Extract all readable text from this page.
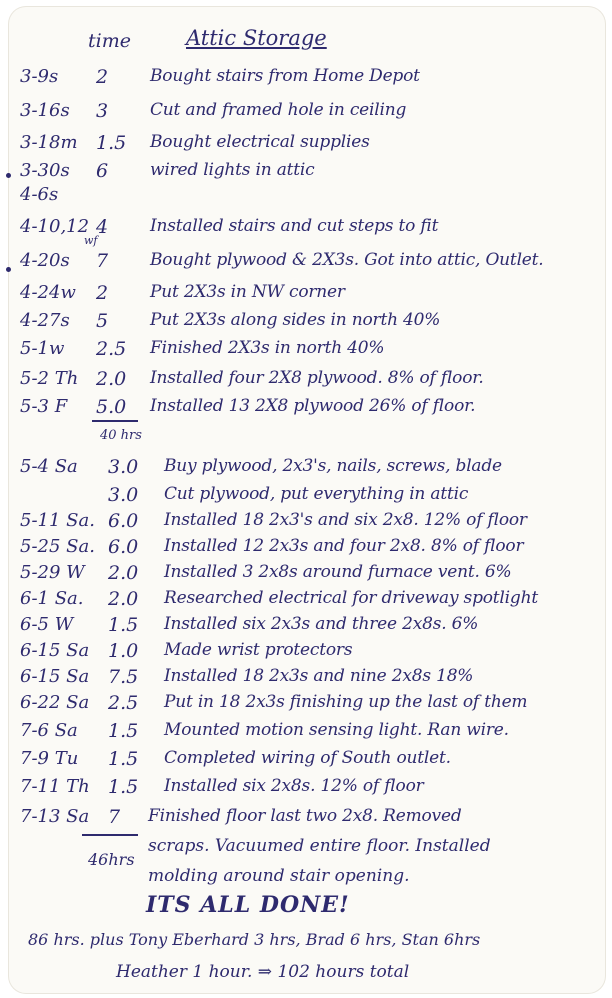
time	Attic Storage
3-9s 2 Bought stairs from Home Depot
3-16s 3 Cut and framed hole in ceiling
3-18m 1.5 Bought electrical supplies
3-30s 6 wired lights in attic
4-6s
4-10,12 4 Installed stairs and cut steps to fit
wf
4-20s 7 Bought plywood & 2X3s. Got into attic, Outlet.
4-24w 2 Put 2X3s in NW corner
4-27s 5 Put 2X3s along sides in north 40%
5-1w 2.5 Finished 2X3s in north 40%
5-2 Th 2.0 Installed four 2X8 plywood. 8% of floor.
5-3 F 5.0 Installed 13 2X8 plywood 26% of floor.
40 hrs
5-4 Sa 3.0 Buy plywood, 2x3's, nails, screws, blade
3.0 Cut plywood, put everything in attic
5-11 Sa. 6.0 Installed 18 2x3's and six 2x8. 12% of floor
5-25 Sa. 6.0 Installed 12 2x3s and four 2x8. 8% of floor
5-29 W 2.0 Installed 3 2x8s around furnace vent. 6%
6-1 Sa. 2.0 Researched electrical for driveway spotlight
6-5 W 1.5 Installed six 2x3s and three 2x8s. 6%
6-15 Sa 1.0 Made wrist protectors
6-15 Sa 7.5 Installed 18 2x3s and nine 2x8s 18%
6-22 Sa 2.5 Put in 18 2x3s finishing up the last of them
7-6 Sa 1.5 Mounted motion sensing light. Ran wire.
7-9 Tu 1.5 Completed wiring of South outlet.
7-11 Th 1.5 Installed six 2x8s. 12% of floor
7-13 Sa 7 Finished floor last two 2x8. Removed
scraps. Vacuumed entire floor. Installed
molding around stair opening.
46hrs
ITS ALL DONE!
86 hrs. plus Tony Eberhard 3 hrs, Brad 6 hrs, Stan 6hrs
Heather 1 hour. ⇒ 102 hours total
